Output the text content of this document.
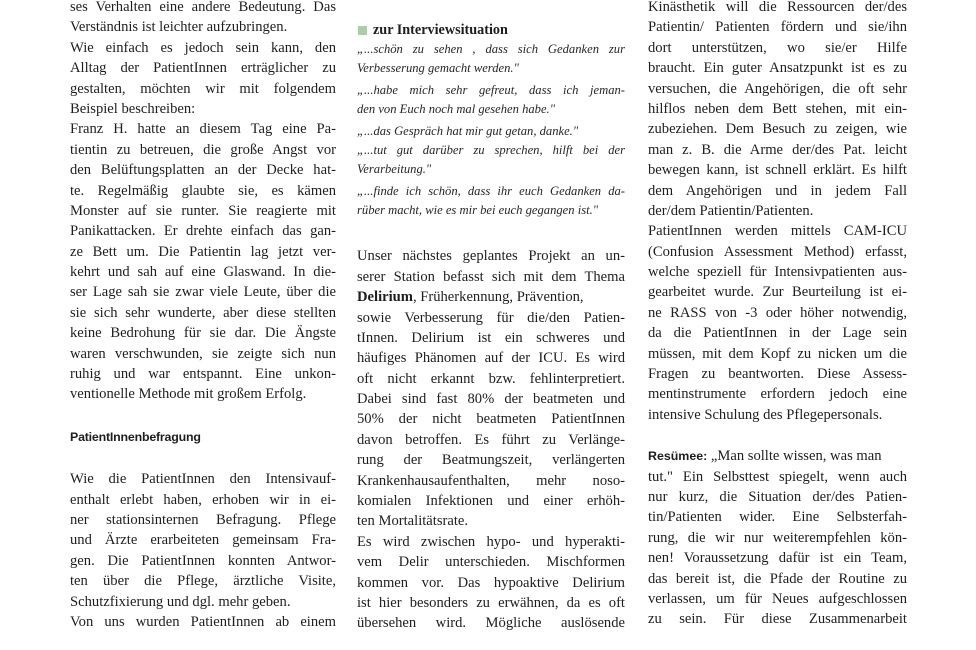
ses Verhalten eine andere Bedeutung. Das
Verständnis ist leichter aufzubringen.
Wie einfach es jedoch sein kann, den
Alltag der PatientInnen erträglicher zu
gestalten, möchten wir mit folgendem
Beispiel beschreiben:
Franz H. hatte an diesem Tag eine Pa-
tientin zu betreuen, die große Angst vor
den Belüftungsplatten an der Decke hat-
te. Regelmäßig glaubte sie, es kämen
Monster auf sie runter. Sie reagierte mit
Panikattacken. Er drehte einfach das gan-
ze Bett um. Die Patientin lag jetzt ver-
kehrt und sah auf eine Glaswand. In die-
ser Lage sah sie zwar viele Leute, über die
sie sich sehr wunderte, aber diese stellten
keine Bedrohung für sie dar. Die Ängste
waren verschwunden, sie zeigte sich nun
ruhig und war entspannt. Eine unkon-
ventionelle Methode mit großem Erfolg.
PatientInnenbefragung
Wie die PatientInnen den Intensivauf-
enthalt erlebt haben, erhoben wir in ei-
ner stationsinternen Befragung. Pflege
und Ärzte erarbeiteten gemeinsam Fra-
gen. Die PatientInnen konnten Antwor-
ten über die Pflege, ärztliche Visite,
Schutzfixierung und dgl. mehr geben.
Von uns wurden PatientInnen ab einem
zur Interviewsituation
„...schön zu sehen , dass sich Gedanken zur
Verbesserung gemacht werden."
„...habe mich sehr gefreut, dass ich jeman-
den von Euch noch mal gesehen habe."
„...das Gespräch hat mir gut getan, danke."
„...tut gut darüber zu sprechen, hilft bei der
Verarbeitung."
„...finde ich schön, dass ihr euch Gedanken da-
rüber macht, wie es mir bei euch gegangen ist."
Unser nächstes geplantes Projekt an un-
serer Station befasst sich mit dem Thema
Delirium, Früherkennung, Prävention,
sowie Verbesserung für die/den Patien-
tInnen. Delirium ist ein schweres und
häufiges Phänomen auf der ICU. Es wird
oft nicht erkannt bzw. fehlinterpretiert.
Dabei sind fast 80% der beatmeten und
50% der nicht beatmeten PatientInnen
davon betroffen. Es führt zu Verlänge-
rung der Beatmungszeit, verlängerten
Krankenhausaufenthalten, mehr noso-
komialen Infektionen und einer erhöh-
ten Mortalitätsrate.
Es wird zwischen hypo- und hyperakti-
vem Delir unterschieden. Mischformen
kommen vor. Das hypoaktive Delirium
ist hier besonders zu erwähnen, da es oft
übersehen wird. Mögliche auslösende
Kinästhetik will die Ressourcen der/des
Patientin/ Patienten fördern und sie/ihn
dort unterstützen, wo sie/er Hilfe
braucht. Ein guter Ansatzpunkt ist es zu
versuchen, die Angehörigen, die oft sehr
hilflos neben dem Bett stehen, mit ein-
zubeziehen. Dem Besuch zu zeigen, wie
man z. B. die Arme der/des Pat. leicht
bewegen kann, ist schnell erklärt. Es hilft
dem Angehörigen und in jedem Fall
der/dem Patientin/Patienten.
PatientInnen werden mittels CAM-ICU
(Confusion Assessment Method) erfasst,
welche speziell für Intensivpatienten aus-
gearbeitet wurde. Zur Beurteilung ist ei-
ne RASS von -3 oder höher notwendig,
da die PatientInnen in der Lage sein
müssen, mit dem Kopf zu nicken um die
Fragen zu beantworten. Diese Assess-
mentinstrumente erfordern jedoch eine
intensive Schulung des Pflegepersonals.
Resümee: „Man sollte wissen, was man
tut." Ein Selbsttest spiegelt, wenn auch
nur kurz, die Situation der/des Patien-
tin/Patienten wider. Eine Selbsterfah-
rung, die wir nur weiterempfehlen kön-
nen! Voraussetzung dafür ist ein Team,
das bereit ist, die Pfade der Routine zu
verlassen, um für Neues aufgeschlossen
zu sein. Für diese Zusammenarbeit
